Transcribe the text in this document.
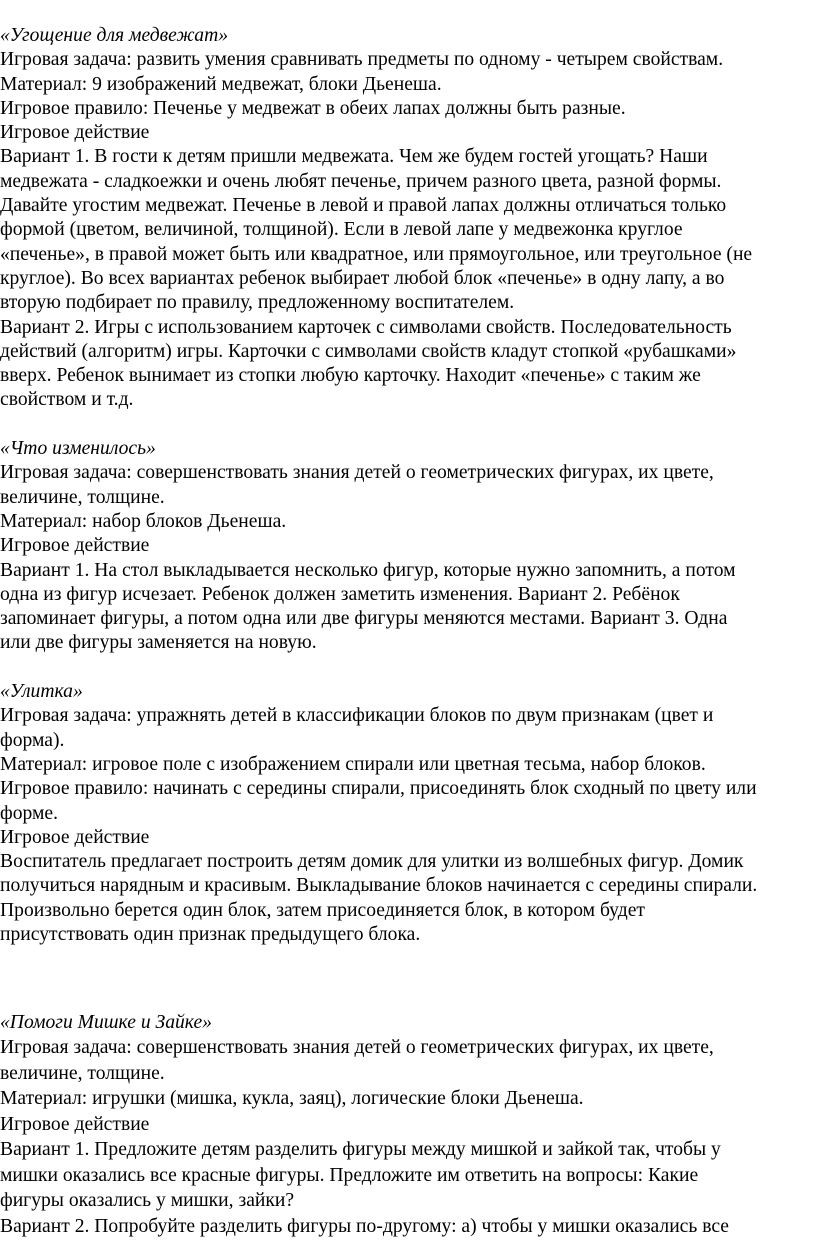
«Угощение для медвежат»
Игровая задача: развить умения сравнивать предметы по одному - четырем свойствам.
Материал: 9 изображений медвежат, блоки Дьенеша.
Игровое правило: Печенье у медвежат в обеих лапах должны быть разные.
Игровое действие
Вариант 1. В гости к детям пришли медвежата. Чем же будем гостей угощать? Наши
медвежата - сладкоежки и очень любят печенье, причем разного цвета, разной формы.
Давайте угостим медвежат. Печенье в левой и правой лапах должны отличаться только
формой (цветом, величиной, толщиной). Если в левой лапе у медвежонка круглое
«печенье», в правой может быть или квадратное, или прямоугольное, или треугольное (не
круглое). Во всех вариантах ребенок выбирает любой блок «печенье» в одну лапу, а во
вторую подбирает по правилу, предложенному воспитателем.
Вариант 2. Игры с использованием карточек с символами свойств. Последовательность
действий (алгоритм) игры. Карточки с символами свойств кладут стопкой «рубашками»
вверх. Ребенок вынимает из стопки любую карточку. Находит «печенье» с таким же
свойством и т.д.
«Что изменилось»
Игровая задача: совершенствовать знания детей о геометрических фигурах, их цвете,
величине, толщине.
Материал: набор блоков Дьенеша.
Игровое действие
Вариант 1. На стол выкладывается несколько фигур, которые нужно запомнить, а потом
одна из фигур исчезает. Ребенок должен заметить изменения. Вариант 2. Ребёнок
запоминает фигуры, а потом одна или две фигуры меняются местами. Вариант 3. Одна
или две фигуры заменяется на новую.
«Улитка»
Игровая задача: упражнять детей в классификации блоков по двум признакам (цвет и
форма).
Материал: игровое поле с изображением спирали или цветная тесьма, набор блоков.
Игровое правило: начинать с середины спирали, присоединять блок сходный по цвету или
форме.
Игровое действие
Воспитатель предлагает построить детям домик для улитки из волшебных фигур. Домик
получиться нарядным и красивым. Выкладывание блоков начинается с середины спирали.
Произвольно берется один блок, затем присоединяется блок, в котором будет
присутствовать один признак предыдущего блока.
«Помоги Мишке и Зайке»
Игровая задача: совершенствовать знания детей о геометрических фигурах, их цвете,
величине, толщине.
Материал: игрушки (мишка, кукла, заяц), логические блоки Дьенеша.
Игровое действие
Вариант 1. Предложите детям разделить фигуры между мишкой и зайкой так, чтобы у
мишки оказались все красные фигуры. Предложите им ответить на вопросы: Какие
фигуры оказались у мишки, зайки?
Вариант 2. Попробуйте разделить фигуры по-другому: а) чтобы у мишки оказались все
